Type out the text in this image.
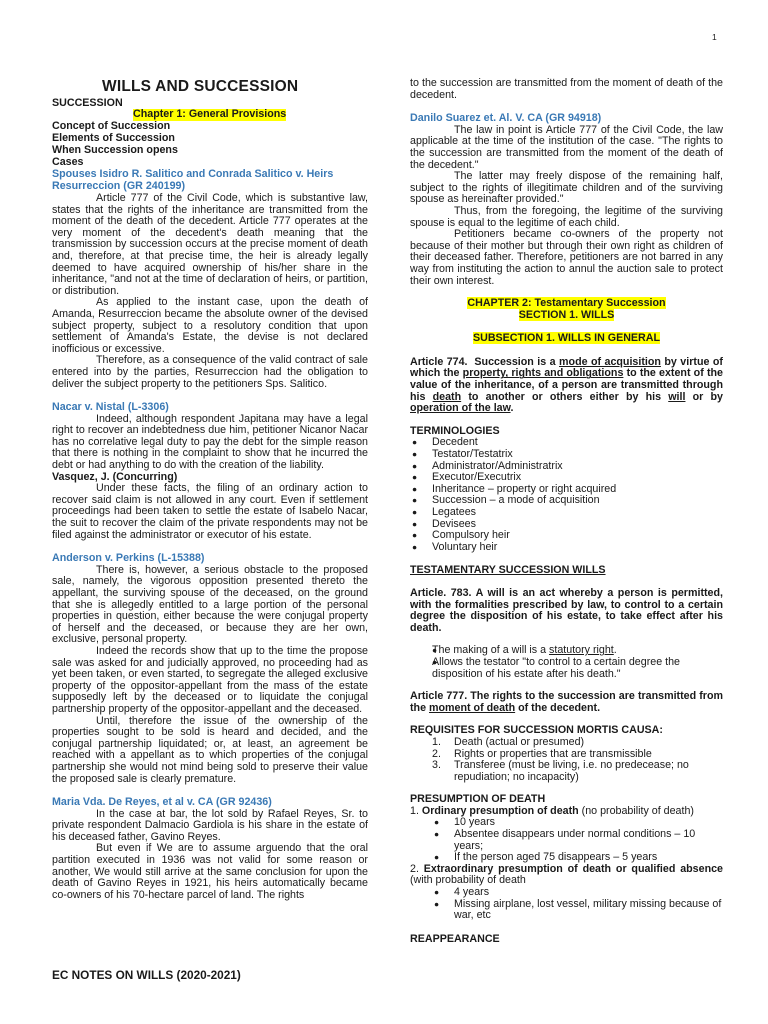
1
WILLS AND SUCCESSION
SUCCESSION
Chapter 1: General Provisions
Concept of Succession
Elements of Succession
When Succession opens
Cases
Spouses Isidro R. Salitico and Conrada Salitico v. Heirs Resurreccion (GR 240199)

Article 777 of the Civil Code, which is substantive law, states that the rights of the inheritance are transmitted from the moment of the death of the decedent. Article 777 operates at the very moment of the decedent's death meaning that the transmission by succession occurs at the precise moment of death and, therefore, at that precise time, the heir is already legally deemed to have acquired ownership of his/her share in the inheritance, "and not at the time of declaration of heirs, or partition, or distribution.

As applied to the instant case, upon the death of Amanda, Resurreccion became the absolute owner of the devised subject property, subject to a resolutory condition that upon settlement of Amanda's Estate, the devise is not declared inofficious or excessive.

Therefore, as a consequence of the valid contract of sale entered into by the parties, Resurreccion had the obligation to deliver the subject property to the petitioners Sps. Salitico.

Nacar v. Nistal (L-3306)

Indeed, although respondent Japitana may have a legal right to recover an indebtedness due him, petitioner Nicanor Nacar has no correlative legal duty to pay the debt for the simple reason that there is nothing in the complaint to show that he incurred the debt or had anything to do with the creation of the liability.

Vasquez, J. (Concurring)

Under these facts, the filing of an ordinary action to recover said claim is not allowed in any court. Even if settlement proceedings had been taken to settle the estate of Isabelo Nacar, the suit to recover the claim of the private respondents may not be filed against the administrator or executor of his estate.

Anderson v. Perkins (L-15388)

There is, however, a serious obstacle to the proposed sale, namely, the vigorous opposition presented thereto the appellant, the surviving spouse of the deceased, on the ground that she is allegedly entitled to a large portion of the personal properties in question, either because the were conjugal property of herself and the deceased, or because they are her own, exclusive, personal property.

Indeed the records show that up to the time the propose sale was asked for and judicially approved, no proceeding had as yet been taken, or even started, to segregate the alleged exclusive property of the oppositor-appellant from the mass of the estate supposedly left by the deceased or to liquidate the conjugal partnership property of the oppositor-appellant and the deceased.

Until, therefore the issue of the ownership of the properties sought to be sold is heard and decided, and the conjugal partnership liquidated; or, at least, an agreement be reached with a appellant as to which properties of the conjugal partnership she would not mind being sold to preserve their value the proposed sale is clearly premature.

Maria Vda. De Reyes, et al v. CA (GR 92436)

In the case at bar, the lot sold by Rafael Reyes, Sr. to private respondent Dalmacio Gardiola is his share in the estate of his deceased father, Gavino Reyes.

But even if We are to assume arguendo that the oral partition executed in 1936 was not valid for some reason or another, We would still arrive at the same conclusion for upon the death of Gavino Reyes in 1921, his heirs automatically became co-owners of his 70-hectare parcel of land. The rights

to the succession are transmitted from the moment of death of the decedent.

Danilo Suarez et. Al. V. CA (GR 94918)

The law in point is Article 777 of the Civil Code, the law applicable at the time of the institution of the case. "The rights to the succession are transmitted from the moment of the death of the decedent."

The latter may freely dispose of the remaining half, subject to the rights of illegitimate children and of the surviving spouse as hereinafter provided."

Thus, from the foregoing, the legitime of the surviving spouse is equal to the legitime of each child.

Petitioners became co-owners of the property not because of their mother but through their own right as children of their deceased father. Therefore, petitioners are not barred in any way from instituting the action to annul the auction sale to protect their own interest.

CHAPTER 2: Testamentary Succession

SECTION 1. WILLS

SUBSECTION 1. WILLS IN GENERAL

Article 774. Succession is a mode of acquisition by virtue of which the property, rights and obligations to the extent of the value of the inheritance, of a person are transmitted through his death to another or others either by his will or by operation of the law.

TERMINOLOGIES

● Decedent
● Testator/Testatrix
● Administrator/Administratrix
● Executor/Executrix
● Inheritance – property or right acquired
● Succession – a mode of acquisition
● Legatees
● Devisees
● Compulsory heir
● Voluntary heir

TESTAMENTARY SUCCESSION WILLS

Article. 783. A will is an act whereby a person is permitted, with the formalities prescribed by law, to control to a certain degree the disposition of his estate, to take effect after his death.

● The making of a will is a statutory right.
● Allows the testator "to control to a certain degree the disposition of his estate after his death."

Article 777. The rights to the succession are transmitted from the moment of death of the decedent.

REQUISITES FOR SUCCESSION MORTIS CAUSA:

1. Death (actual or presumed)
2. Rights or properties that are transmissible
3. Transferee (must be living, i.e. no predecease; no repudiation; no incapacity)

PRESUMPTION OF DEATH

1. Ordinary presumption of death (no probability of death)

● 10 years
● Absentee disappears under normal conditions – 10 years;
● If the person aged 75 disappears – 5 years

2. Extraordinary presumption of death or qualified absence (with probability of death

● 4 years
● Missing airplane, lost vessel, military missing because of war, etc

REAPPEARANCE

EC NOTES ON WILLS (2020-2021)
